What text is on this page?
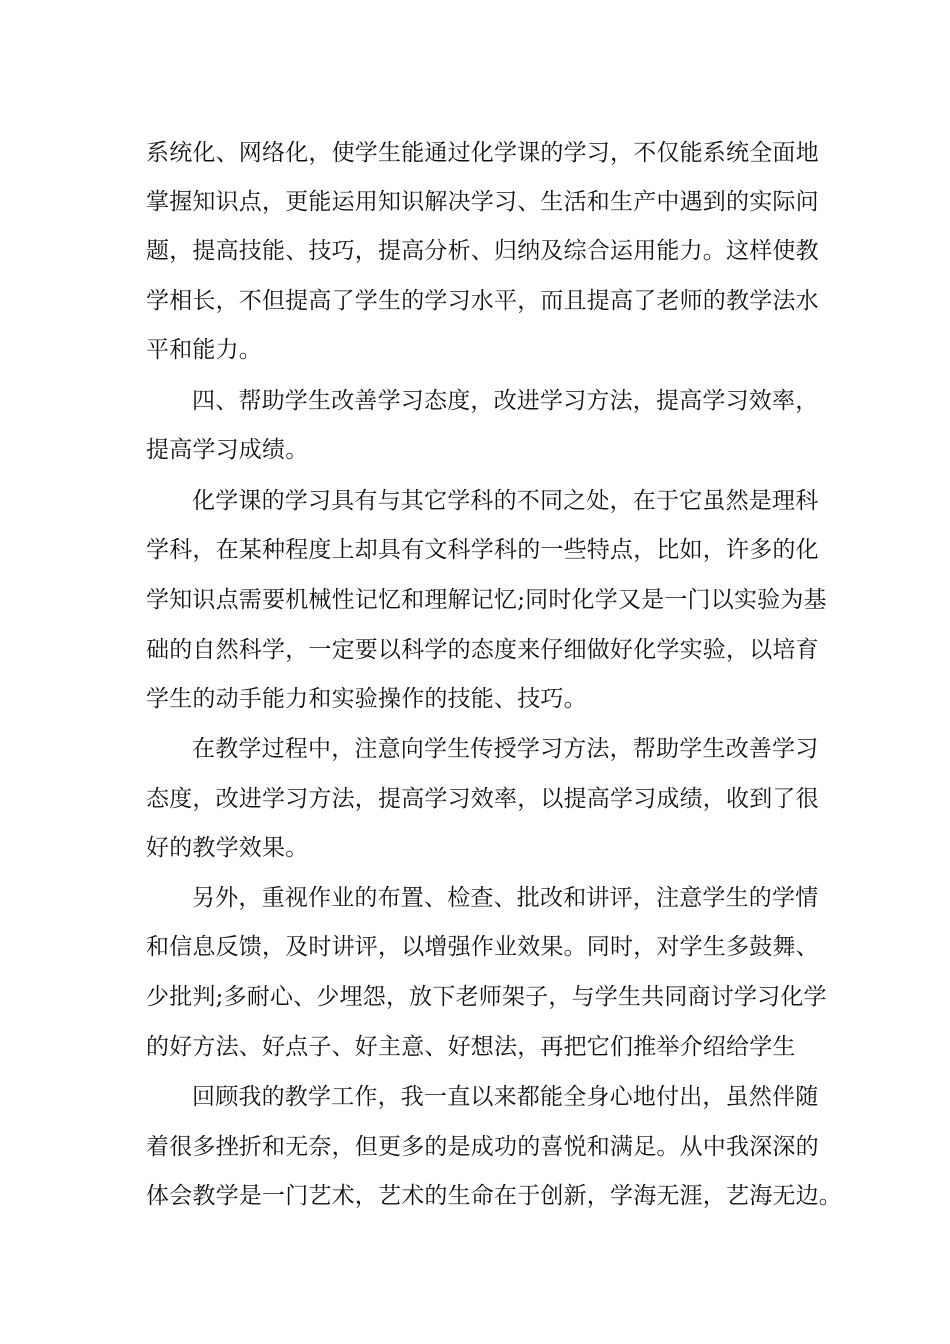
系统化、网络化，使学生能通过化学课的学习，不仅能系统全面地
掌握知识点，更能运用知识解决学习、生活和生产中遇到的实际问
题，提高技能、技巧，提高分析、归纳及综合运用能力。这样使教
学相长，不但提高了学生的学习水平，而且提高了老师的教学法水
平和能力。
四、帮助学生改善学习态度，改进学习方法，提高学习效率，
提高学习成绩。
化学课的学习具有与其它学科的不同之处，在于它虽然是理科
学科，在某种程度上却具有文科学科的一些特点，比如，许多的化
学知识点需要机械性记忆和理解记忆;同时化学又是一门以实验为基
础的自然科学，一定要以科学的态度来仔细做好化学实验，以培育
学生的动手能力和实验操作的技能、技巧。
在教学过程中，注意向学生传授学习方法，帮助学生改善学习
态度，改进学习方法，提高学习效率，以提高学习成绩，收到了很
好的教学效果。
另外，重视作业的布置、检查、批改和讲评，注意学生的学情
和信息反馈，及时讲评，以增强作业效果。同时，对学生多鼓舞、
少批判;多耐心、少埋怨，放下老师架子，与学生共同商讨学习化学
的好方法、好点子、好主意、好想法，再把它们推举介绍给学生
回顾我的教学工作，我一直以来都能全身心地付出，虽然伴随
着很多挫折和无奈，但更多的是成功的喜悦和满足。从中我深深的
体会教学是一门艺术，艺术的生命在于创新，学海无涯，艺海无边。
